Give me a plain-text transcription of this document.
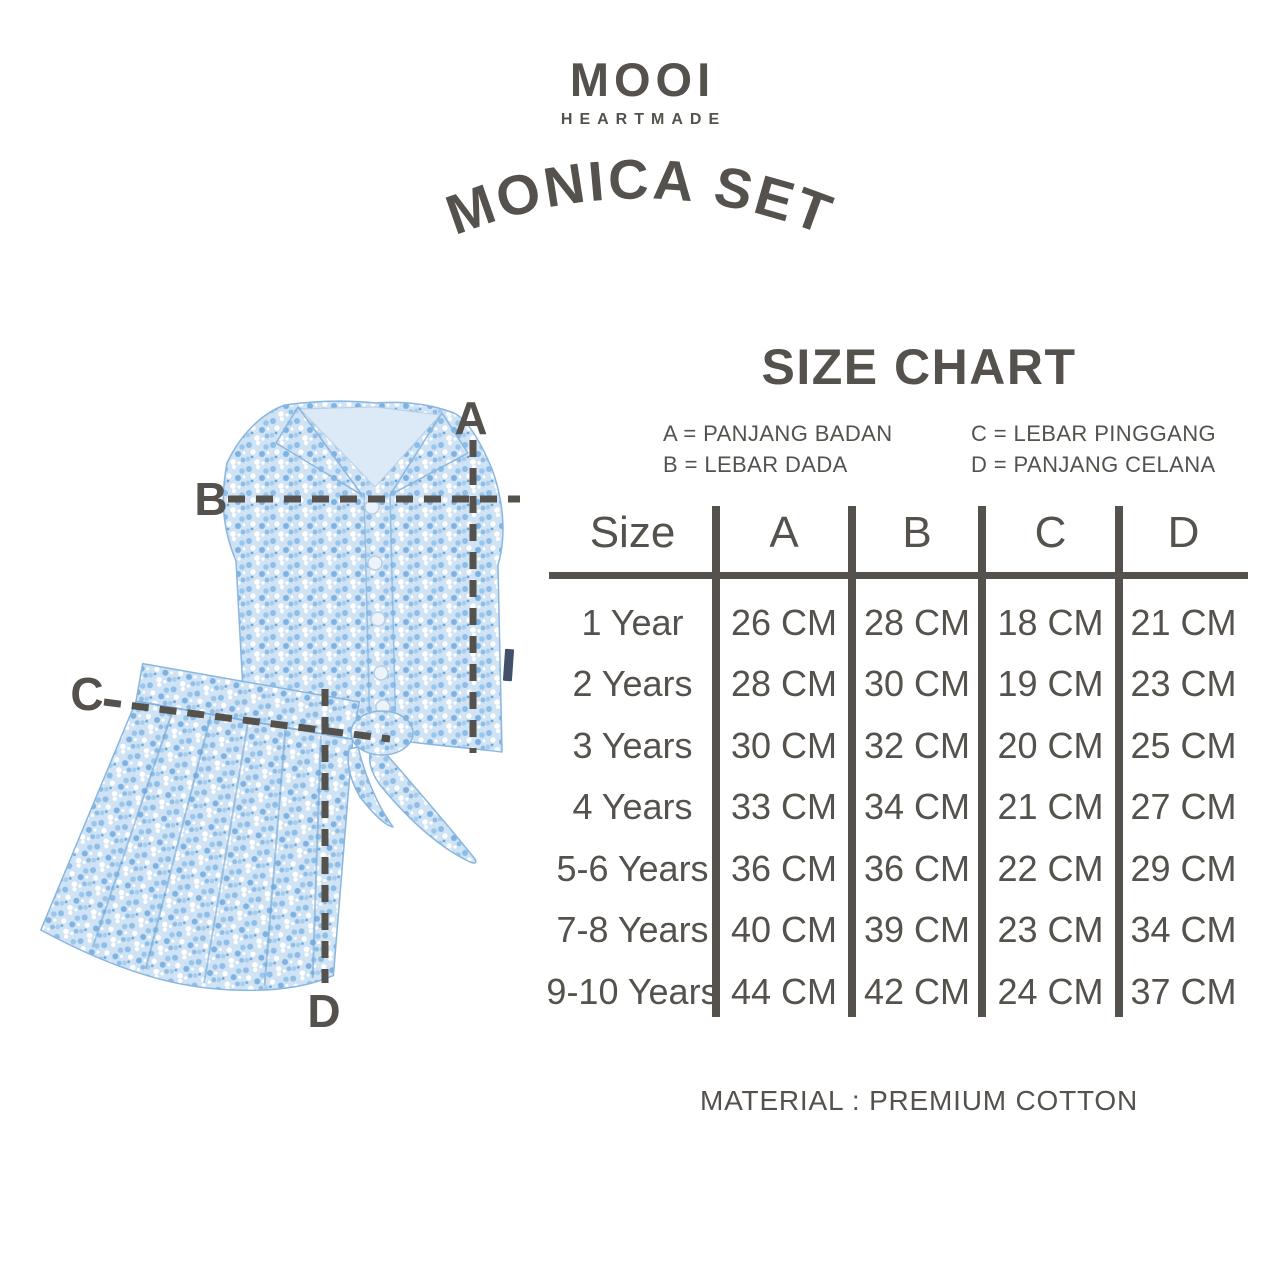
MOOI
HEARTMADE
MONICA SET
A
B
C
D
SIZE CHART
A = PANJANG BADAN
B = LEBAR DADA
C = LEBAR PINGGANG
D = PANJANG CELANA
Size A B C D
1 Year 26 CM 28 CM 18 CM 21 CM
2 Years 28 CM 30 CM 19 CM 23 CM
3 Years 30 CM 32 CM 20 CM 25 CM
4 Years 33 CM 34 CM 21 CM 27 CM
5-6 Years 36 CM 36 CM 22 CM 29 CM
7-8 Years 40 CM 39 CM 23 CM 34 CM
9-10 Years 44 CM 42 CM 24 CM 37 CM
MATERIAL : PREMIUM COTTON
